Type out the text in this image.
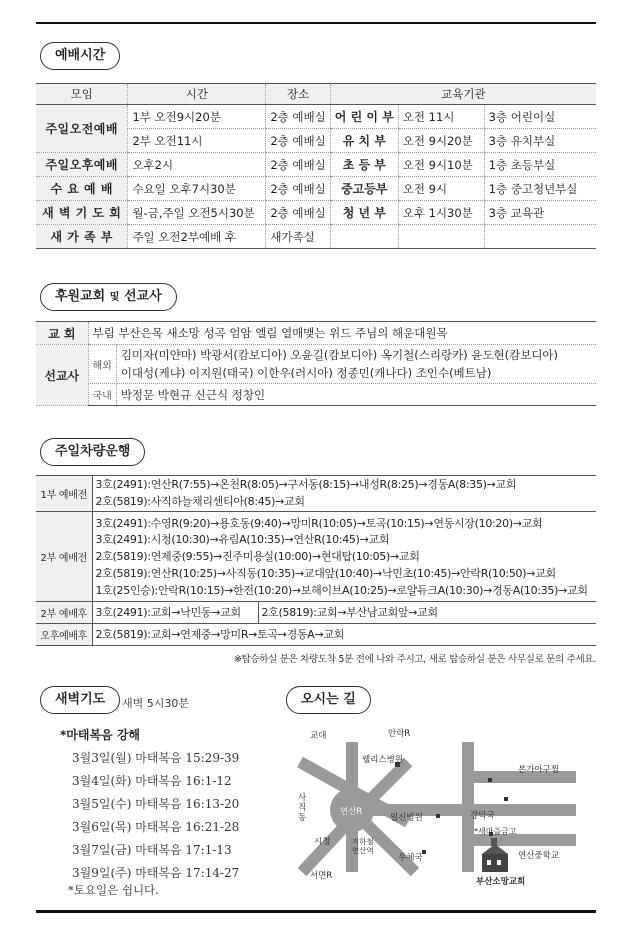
예배시간
모임	시간	장소	교육기관		
주일오전예배	1부 오전9시20분	2층 예배실	어 린 이 부	오전 11시	3층 어린이실
	2부 오전11시	2층 예배실	유 치 부	오전 9시20분	3층 유치부실
주일오후예배	오후2시	2층 예배실	초 등 부	오전 9시10분	1층 초등부실
수 요 예 배	수요일 오후7시30분	2층 예배실	중고등부	오전 9시	1층 중고청년부실
새 벽 기 도 회	월-금,주일 오전5시30분	2층 예배실	청 년 부	오후 1시30분	3층 교육관
새 가 족 부	주일 오전2부예배 후	새가족실			
후원교회 및 선교사
교 회	부림 부산은목 새소망 성곡 엄암 엘림 열매맺는 위드 주님의 해운대원목	
선교사	해외	김미자(미얀마) 박광서(캄보디아) 오윤길(캄보디아) 옥기철(스리랑카) 윤도현(캄보디아)
이대성(케냐) 이지원(태국) 이한우(러시아) 정종민(캐나다) 조인수(베트남)

	국내	박정문 박현규 신근식 정창인
주일차량운행
1부 예배전	3호(2491):연산R(7:55)→온천R(8:05)→구서동(8:15)→내성R(8:25)→경동A(8:35)→교회	
	2호(5819):사직하늘채리센티아(8:45)→교회	
2부 예배전	3호(2491):수영R(9:20)→용호동(9:40)→망미R(10:05)→토곡(10:15)→연동시장(10:20)→교회	
	3호(2491):시청(10:30)→유림A(10:35)→연산R(10:45)→교회	
	2호(5819):연제중(9:55)→진주미용실(10:00)→현대탑(10:05)→교회	
	2호(5819):연산R(10:25)→사직동(10:35)→교대앞(10:40)→낙민초(10:45)→안락R(10:50)→교회	
	1호(25인승):안락R(10:15)→한전(10:20)→보해이브A(10:25)→로얄듀크A(10:30)→경동A(10:35)→교회	
2부 예배후	3호(2491):교회→낙민동→교회	2호(5819):교회→부산남교회앞→교회
오후예배후	2호(5819):교회→연제중→망미R→토곡→경동A→교회	
※탑승하실 분은 차량도착 5분 전에 나와 주시고, 새로 탑승하실 분은 사무실로 문의 주세요.
새벽기도	새벽 5시30분
*마태복음 강해
3월3일(월) 마태복음 15:29-39
3월4일(화) 마태복음 16:1-12
3월5일(수) 마태복음 16:13-20
3월6일(목) 마태복음 16:21-28
3월7일(금) 마태복음 17:1-13
3월9일(주) 마태복음 17:14-27
*토요일은 쉽니다.
오시는 길
교대	안락R
웰리스병원
사 직 동
연산R
일신병원
시청	지하철 연산역
우체국
서면R
강악국
*새마을금고
본가아구찜
연산중학교
부산소망교회
